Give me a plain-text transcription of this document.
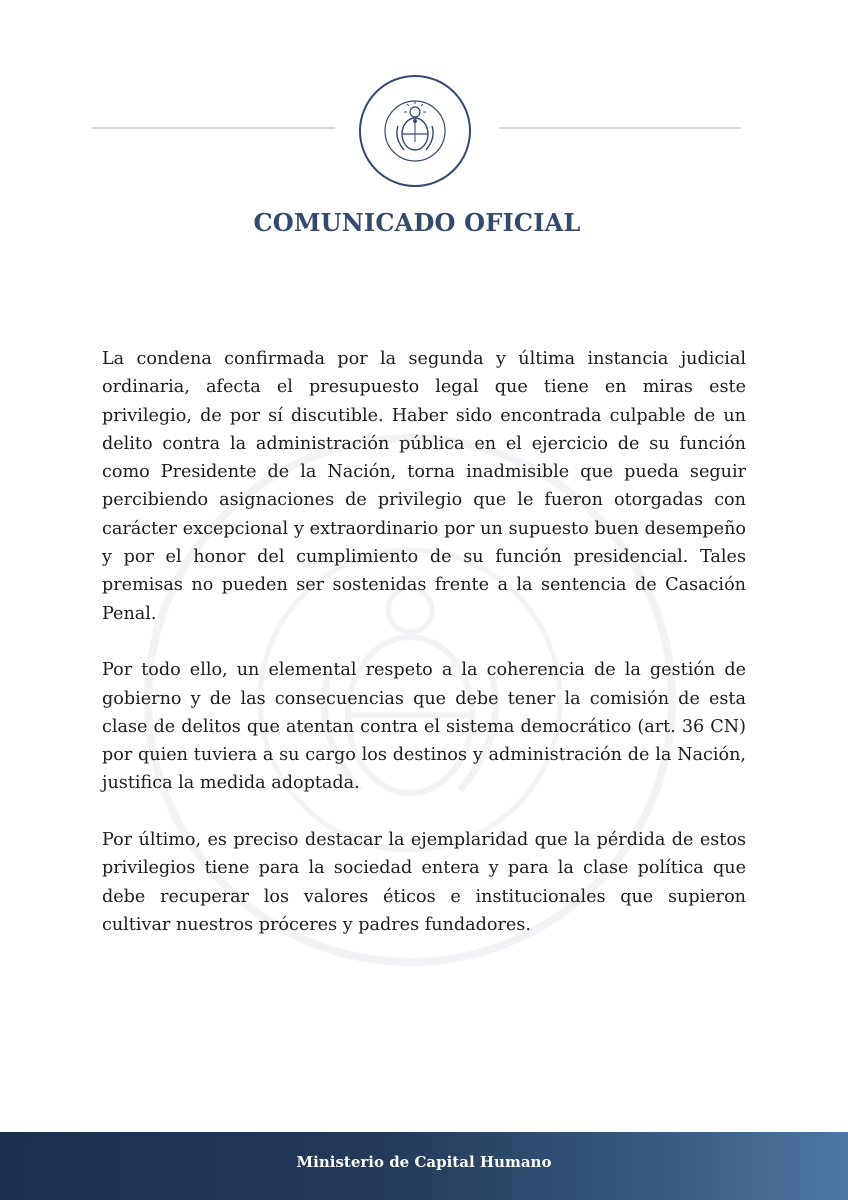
COMUNICADO OFICIAL

La condena confirmada por la segunda y última instancia judicial ordinaria, afecta el presupuesto legal que tiene en miras este privilegio, de por sí discutible. Haber sido encontrada culpable de un delito contra la administración pública en el ejercicio de su función como Presidente de la Nación, torna inadmisible que pueda seguir percibiendo asignaciones de privilegio que le fueron otorgadas con carácter excepcional y extraordinario por un supuesto buen desempeño y por el honor del cumplimiento de su función presidencial. Tales premisas no pueden ser sostenidas frente a la sentencia de Casación Penal.

Por todo ello, un elemental respeto a la coherencia de la gestión de gobierno y de las consecuencias que debe tener la comisión de esta clase de delitos que atentan contra el sistema democrático (art. 36 CN) por quien tuviera a su cargo los destinos y administración de la Nación, justifica la medida adoptada.

Por último, es preciso destacar la ejemplaridad que la pérdida de estos privilegios tiene para la sociedad entera y para la clase política que debe recuperar los valores éticos e institucionales que supieron cultivar nuestros próceres y padres fundadores.

Ministerio de Capital Humano
